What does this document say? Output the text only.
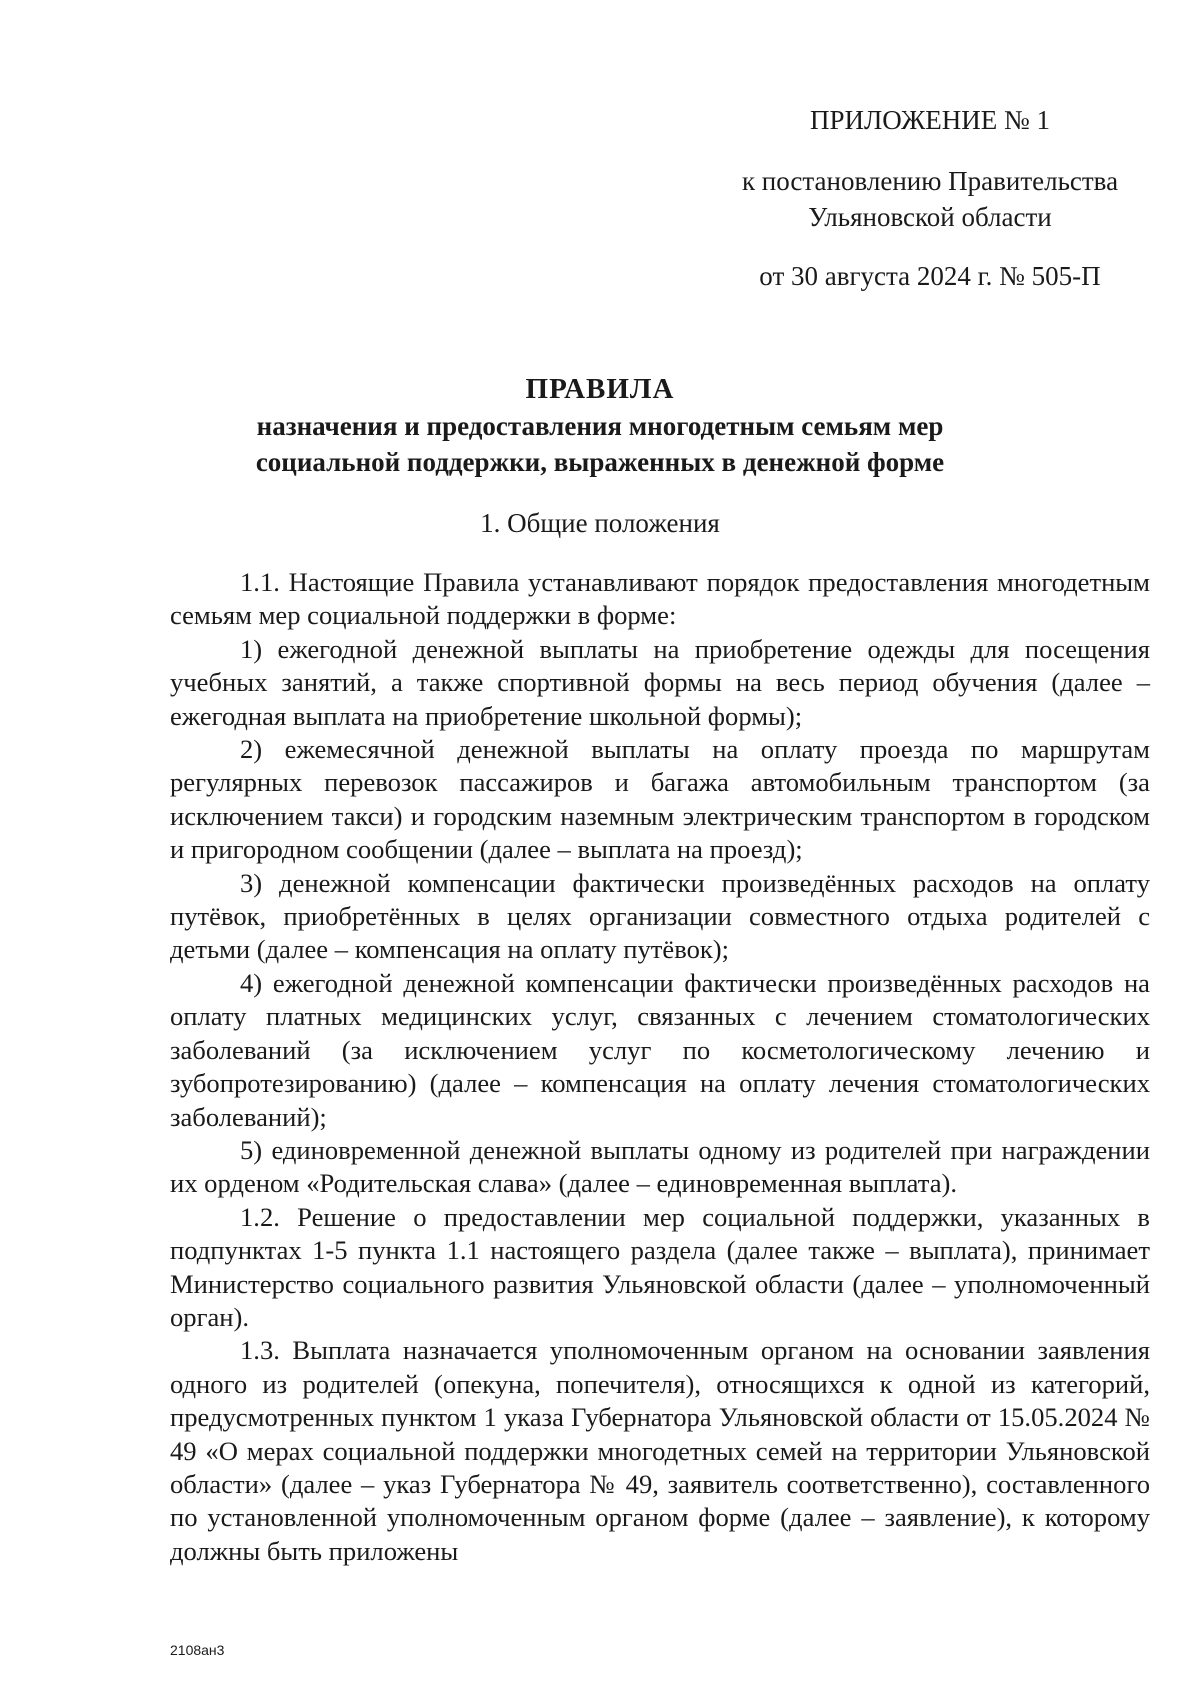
ПРИЛОЖЕНИЕ № 1
к постановлению Правительства
Ульяновской области
от 30 августа 2024 г. № 505-П
ПРАВИЛА
назначения и предоставления многодетным семьям мер
социальной поддержки, выраженных в денежной форме
1. Общие положения

1.1. Настоящие Правила устанавливают порядок предоставления многодетным семьям мер социальной поддержки в форме:

1) ежегодной денежной выплаты на приобретение одежды для посещения учебных занятий, а также спортивной формы на весь период обучения (далее – ежегодная выплата на приобретение школьной формы);

2) ежемесячной денежной выплаты на оплату проезда по маршрутам регулярных перевозок пассажиров и багажа автомобильным транспортом (за исключением такси) и городским наземным электрическим транспортом в городском и пригородном сообщении (далее – выплата на проезд);

3) денежной компенсации фактически произведённых расходов на оплату путёвок, приобретённых в целях организации совместного отдыха родителей с детьми (далее – компенсация на оплату путёвок);

4) ежегодной денежной компенсации фактически произведённых расходов на оплату платных медицинских услуг, связанных с лечением стоматологических заболеваний (за исключением услуг по косметологическому лечению и зубопротезированию) (далее – компенсация на оплату лечения стоматологических заболеваний);

5) единовременной денежной выплаты одному из родителей при награждении их орденом «Родительская слава» (далее – единовременная выплата).

1.2. Решение о предоставлении мер социальной поддержки, указанных в подпунктах 1-5 пункта 1.1 настоящего раздела (далее также – выплата), принимает Министерство социального развития Ульяновской области (далее – уполномоченный орган).

1.3. Выплата назначается уполномоченным органом на основании заявления одного из родителей (опекуна, попечителя), относящихся к одной из категорий, предусмотренных пунктом 1 указа Губернатора Ульяновской области от 15.05.2024 № 49 «О мерах социальной поддержки многодетных семей на территории Ульяновской области» (далее – указ Губернатора № 49, заявитель соответственно), составленного по установленной уполномоченным органом форме (далее – заявление), к которому должны быть приложены

2108ан3
